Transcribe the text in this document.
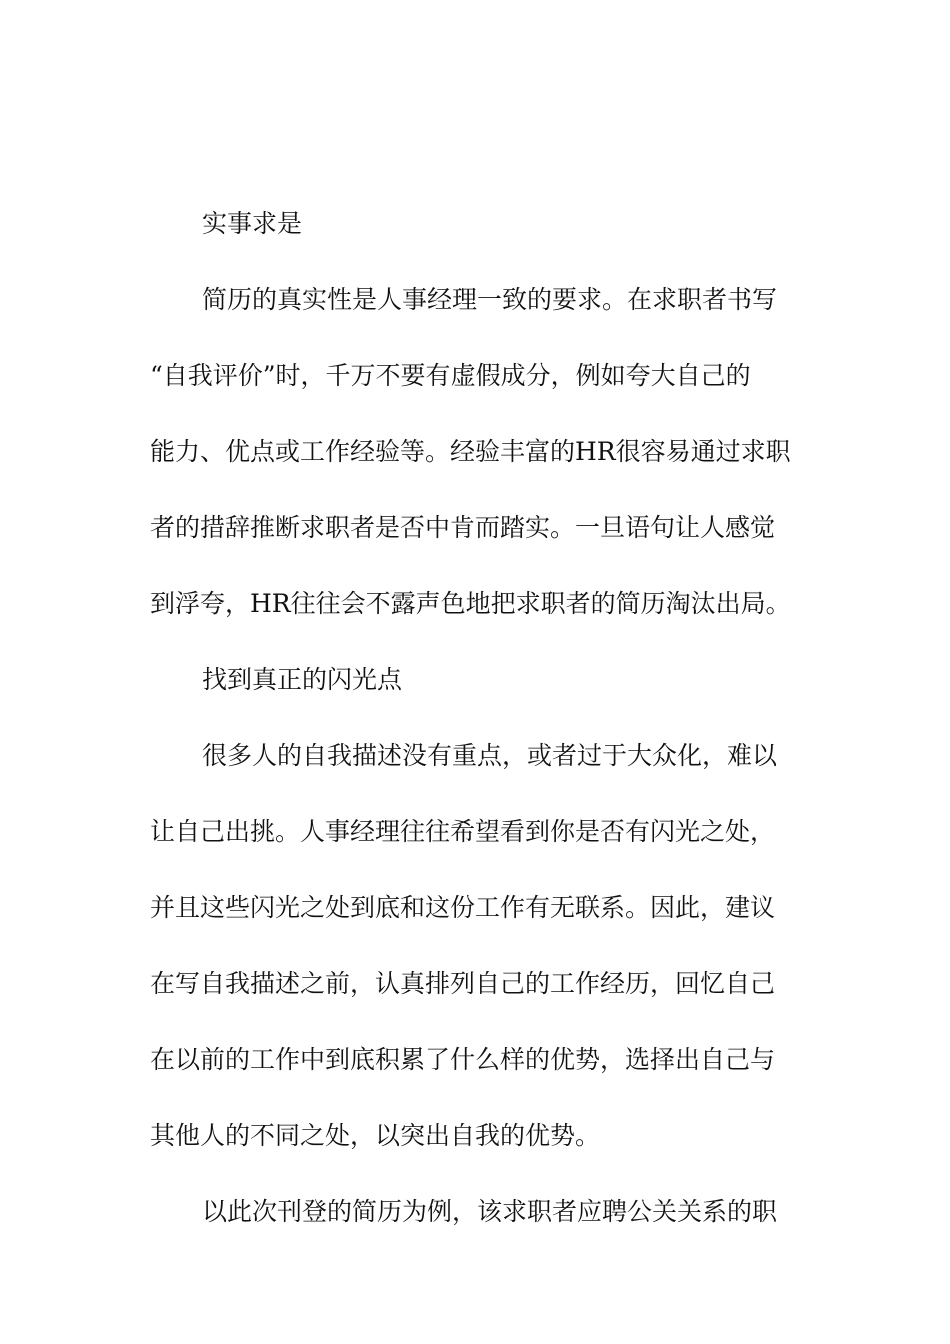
实事求是
简历的真实性是人事经理一致的要求。在求职者书写
“自我评价”时，千万不要有虚假成分，例如夸大自己的
能力、优点或工作经验等。经验丰富的HR很容易通过求职
者的措辞推断求职者是否中肯而踏实。一旦语句让人感觉
到浮夸，HR往往会不露声色地把求职者的简历淘汰出局。
找到真正的闪光点
很多人的自我描述没有重点，或者过于大众化，难以
让自己出挑。人事经理往往希望看到你是否有闪光之处，
并且这些闪光之处到底和这份工作有无联系。因此，建议
在写自我描述之前，认真排列自己的工作经历，回忆自己
在以前的工作中到底积累了什么样的优势，选择出自己与
其他人的不同之处，以突出自我的优势。
以此次刊登的简历为例，该求职者应聘公关关系的职
